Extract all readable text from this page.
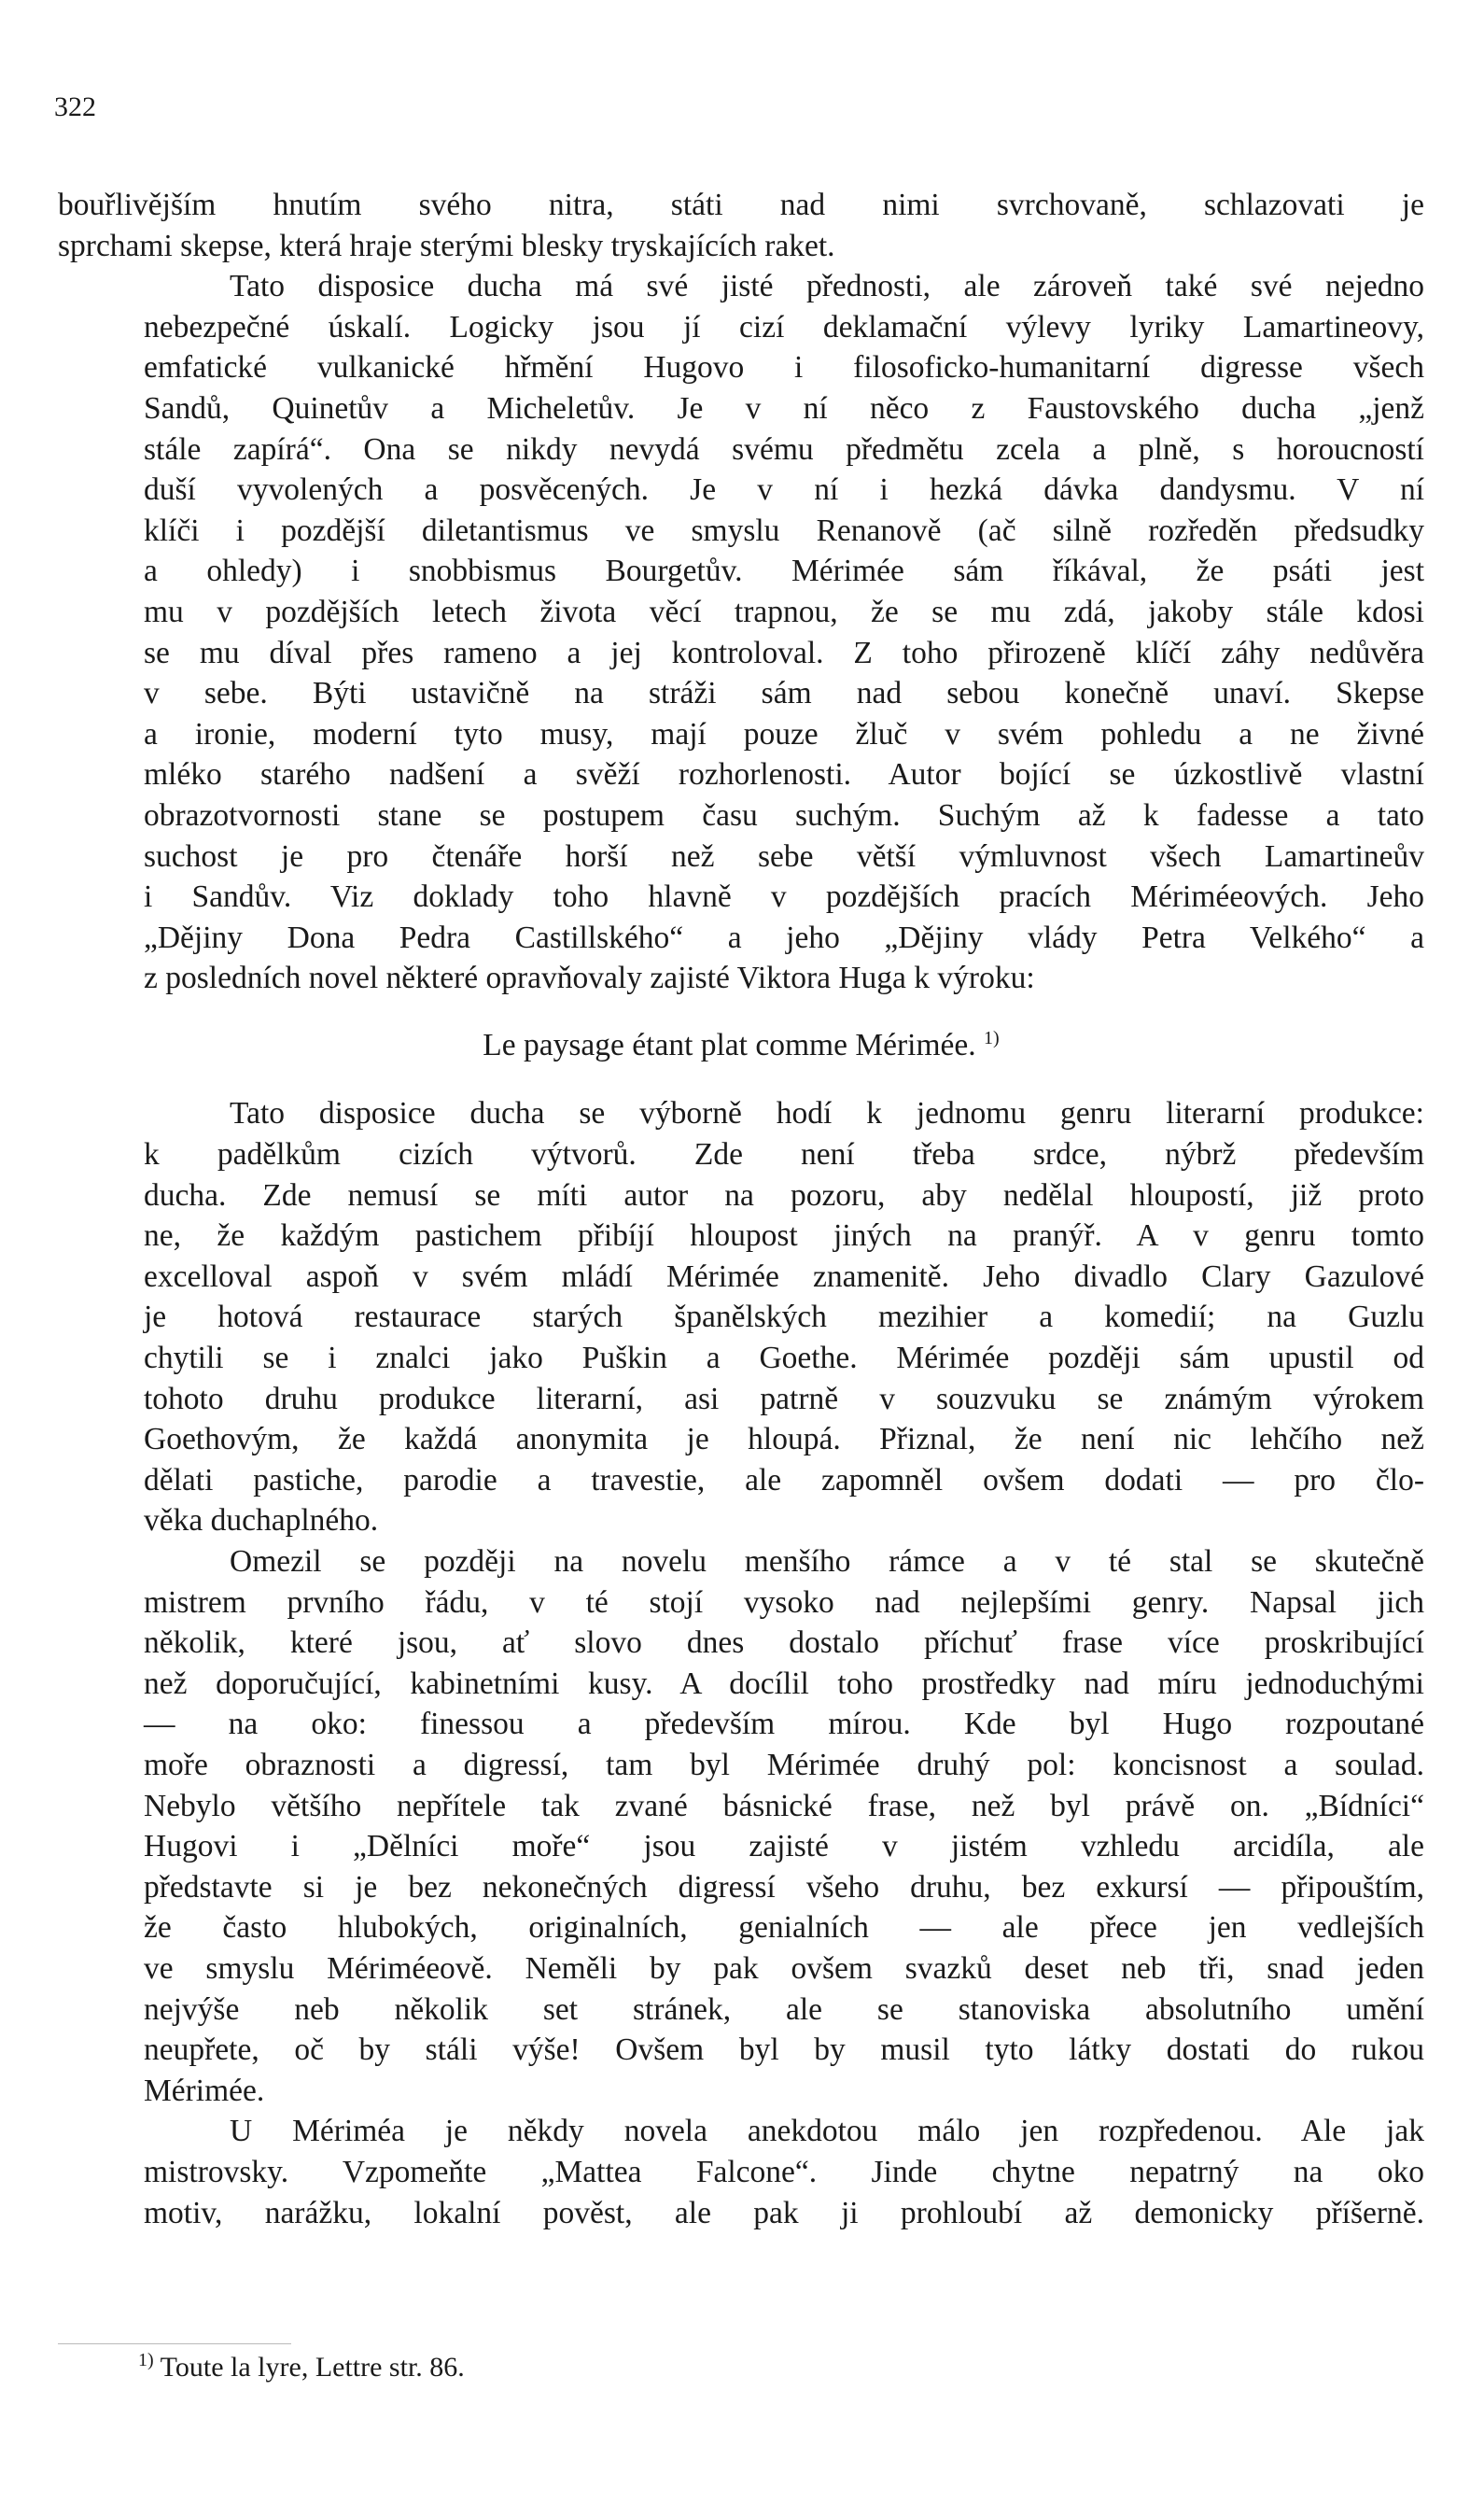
322

bouřlivějším hnutím svého nitra, státi nad nimi svrchovaně, schlazovati je
sprchami skepse, která hraje sterými blesky tryskajících raket.

Tato disposice ducha má své jisté přednosti, ale zároveň také své nejedno
nebezpečné úskalí. Logicky jsou jí cizí deklamační výlevy lyriky Lamartineovy,
emfatické vulkanické hřmění Hugovo i filosoficko-humanitarní digresse všech
Sandů, Quinetův a Micheletův. Je v ní něco z Faustovského ducha „jenž
stále zapírá“. Ona se nikdy nevydá svému předmětu zcela a plně, s horoucností
duší vyvolených a posvěcených. Je v ní i hezká dávka dandysmu. V ní
klíči i pozdější diletantismus ve smyslu Renanově (ač silně rozředěn předsudky
a ohledy) i snobbismus Bourgetův. Mérimée sám říkával, že psáti jest
mu v pozdějších letech života věcí trapnou, že se mu zdá, jakoby stále kdosi
se mu díval přes rameno a jej kontroloval. Z toho přirozeně klíčí záhy nedůvěra
v sebe. Býti ustavičně na stráži sám nad sebou konečně unaví. Skepse
a ironie, moderní tyto musy, mají pouze žluč v svém pohledu a ne živné
mléko starého nadšení a svěží rozhorlenosti. Autor bojící se úzkostlivě vlastní
obrazotvornosti stane se postupem času suchým. Suchým až k fadesse a tato
suchost je pro čtenáře horší než sebe větší výmluvnost všech Lamartineův
i Sandův. Viz doklady toho hlavně v pozdějších pracích Mériméeových. Jeho
„Dějiny Dona Pedra Castillského“ a jeho „Dějiny vlády Petra Velkého“ a
z posledních novel některé opravňovaly zajisté Viktora Huga k výroku:

Le paysage étant plat comme Mérimée. $^{1)}$

Tato disposice ducha se výborně hodí k jednomu genru literarní produkce:
k padělkům cizích výtvorů. Zde není třeba srdce, nýbrž především
ducha. Zde nemusí se míti autor na pozoru, aby nedělal hloupostí, již proto
ne, že každým pastichem přibíjí hloupost jiných na pranýř. A v genru tomto
excelloval aspoň v svém mládí Mérimée znamenitě. Jeho divadlo Clary Gazulové
je hotová restaurace starých španělských mezihier a komedií; na Guzlu
chytili se i znalci jako Puškin a Goethe. Mérimée později sám upustil od
tohoto druhu produkce literarní, asi patrně v souzvuku se známým výrokem
Goethovým, že každá anonymita je hloupá. Přiznal, že není nic lehčího než
dělati pastiche, parodie a travestie, ale zapomněl ovšem dodati — pro člo-
věka duchaplného.

Omezil se později na novelu menšího rámce a v té stal se skutečně
mistrem prvního řádu, v té stojí vysoko nad nejlepšími genry. Napsal jich
několik, které jsou, ať slovo dnes dostalo příchuť frase více proskribující
než doporučující, kabinetními kusy. A docílil toho prostředky nad míru jednoduchými
— na oko: finessou a především mírou. Kde byl Hugo rozpoutané
moře obraznosti a digressí, tam byl Mérimée druhý pol: koncisnost a soulad.
Nebylo většího nepřítele tak zvané básnické frase, než byl právě on. „Bídníci“
Hugovi i „Dělníci moře“ jsou zajisté v jistém vzhledu arcidíla, ale
představte si je bez nekonečných digressí všeho druhu, bez exkursí — připouštím,
že často hlubokých, originalních, genialních — ale přece jen vedlejších
ve smyslu Mériméeově. Neměli by pak ovšem svazků deset neb tři, snad jeden
nejvýše neb několik set stránek, ale se stanoviska absolutního umění
neupřete, oč by stáli výše! Ovšem byl by musil tyto látky dostati do rukou
Mérimée.

U Mériméa je někdy novela anekdotou málo jen rozpředenou. Ale jak
mistrovsky. Vzpomeňte „Mattea Falcone“. Jinde chytne nepatrný na oko
motiv, narážku, lokalní pověst, ale pak ji prohloubí až demonicky příšerně.

$^{1)}$ Toute la lyre, Lettre str. 86.
